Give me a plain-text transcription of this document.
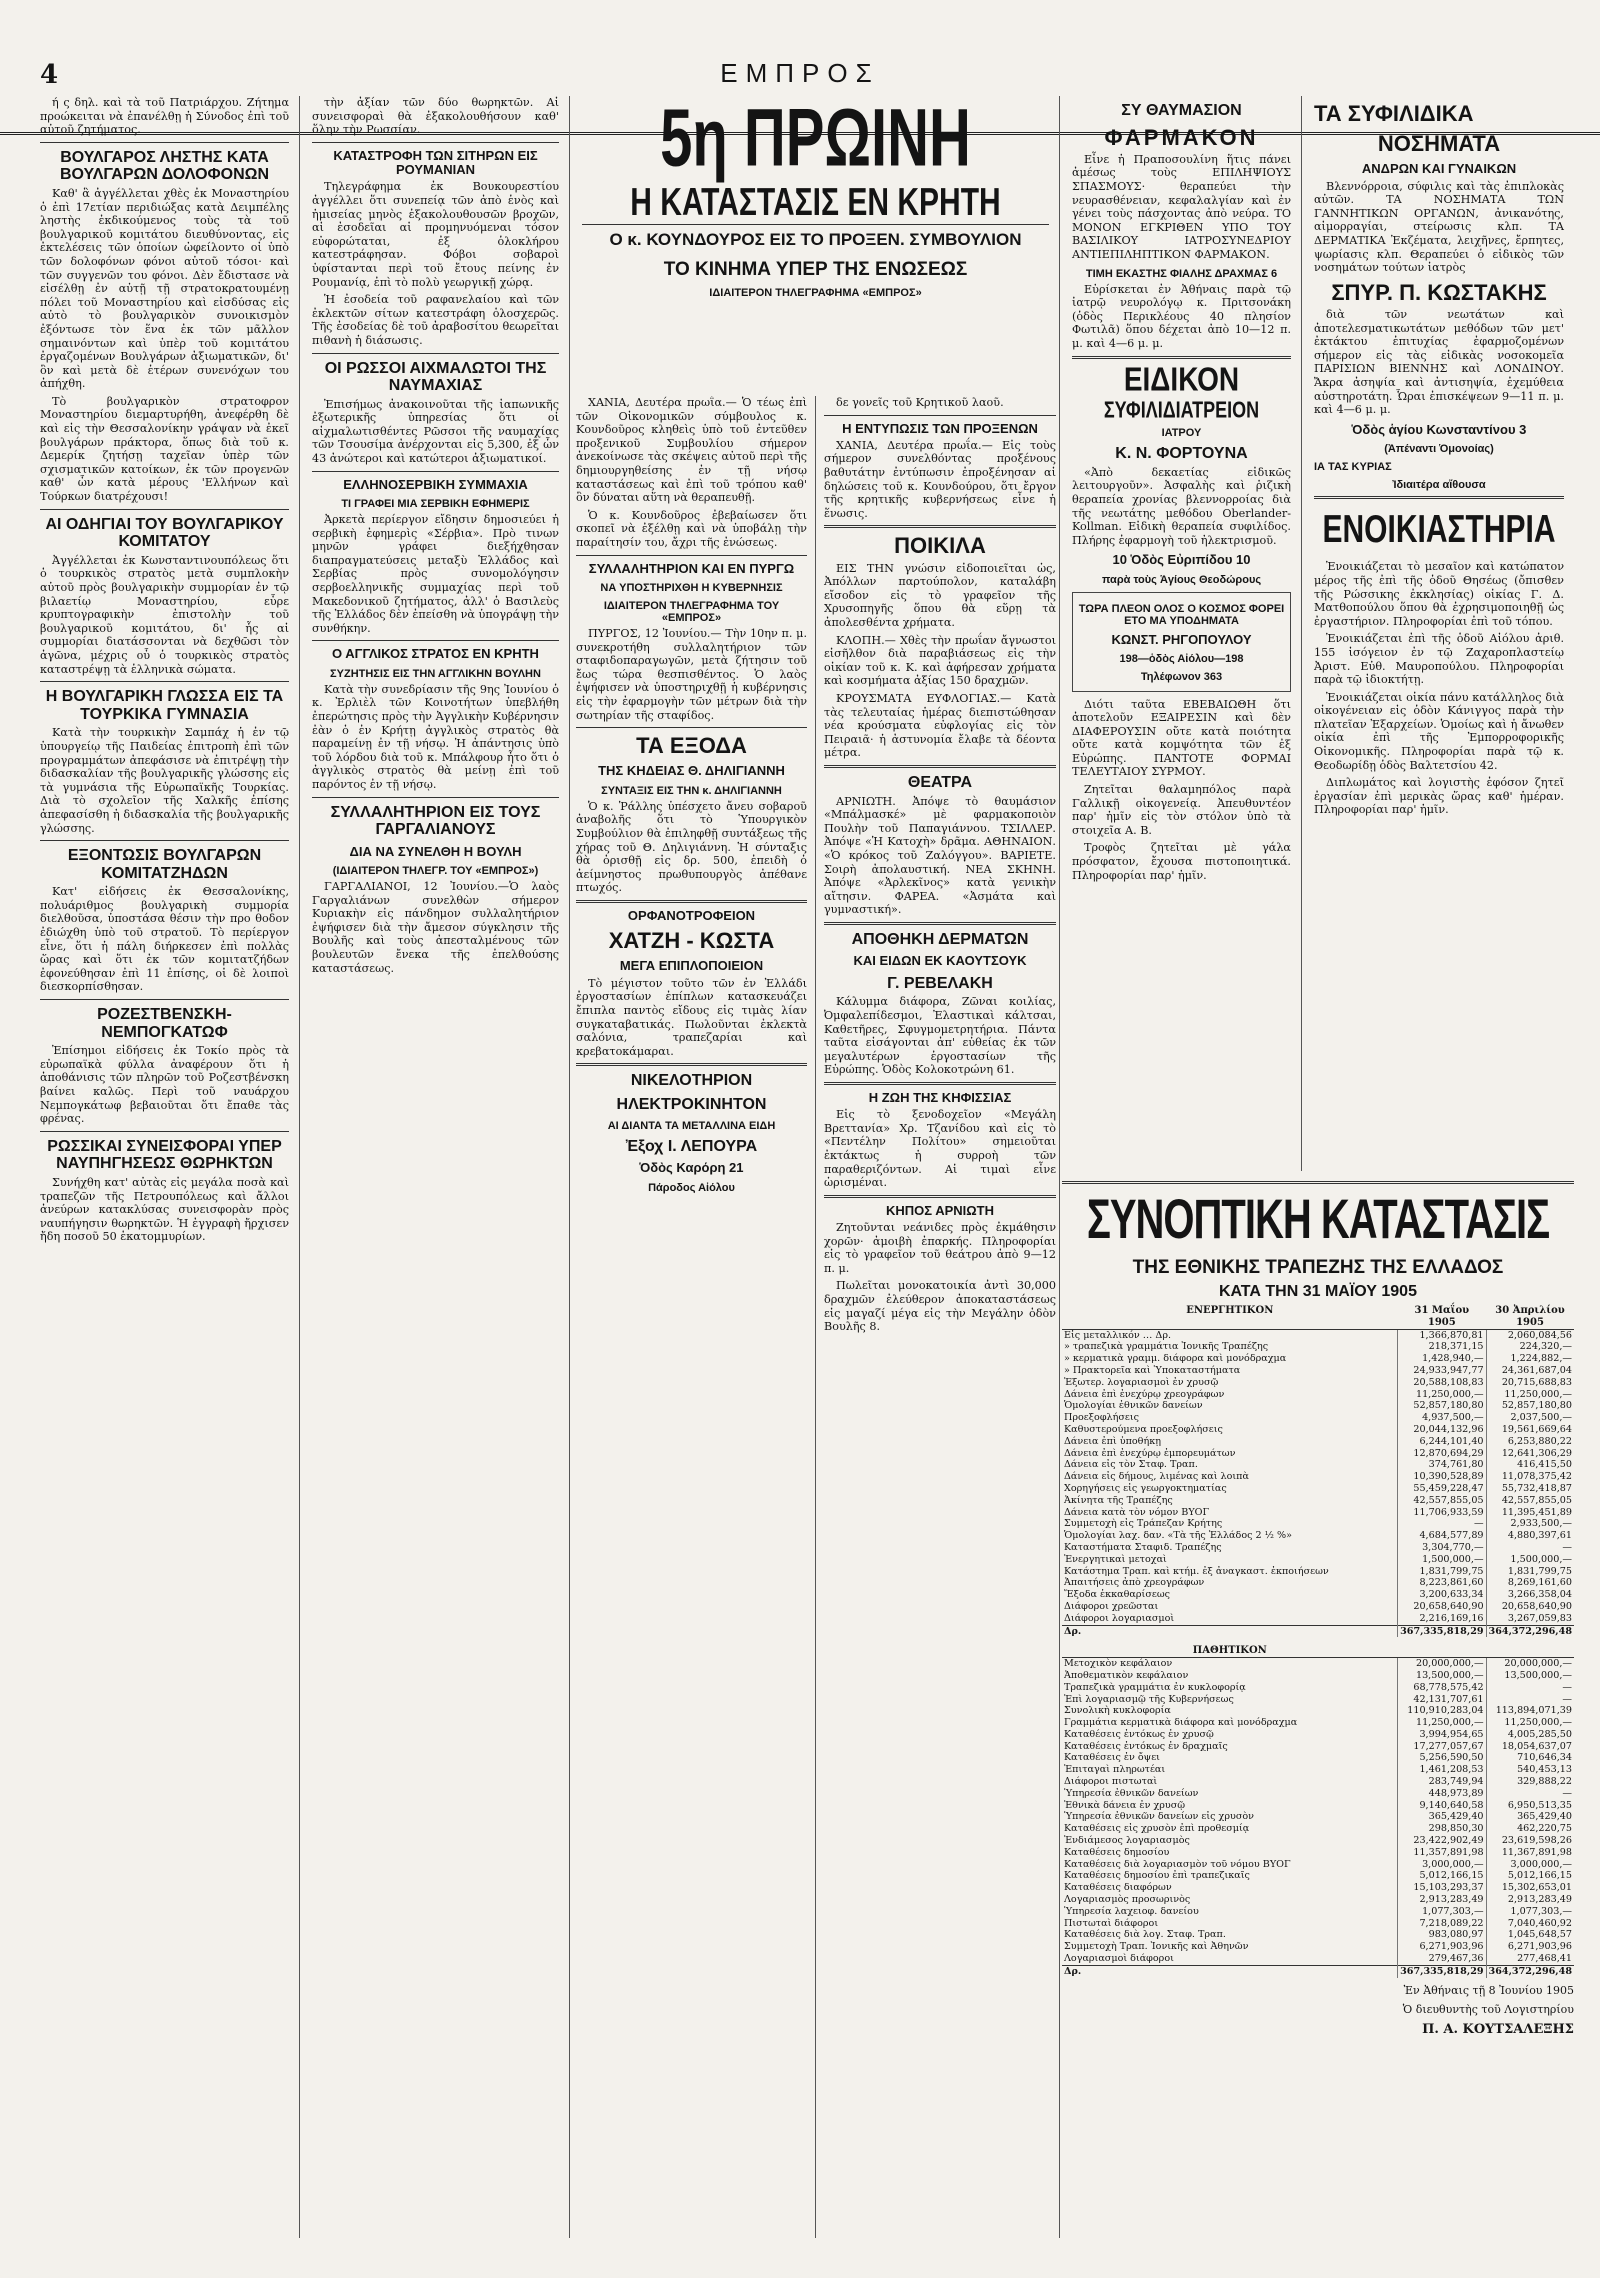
4	ΕΜΠΡΟΣ

ή ς δηλ. καὶ τὰ τοῦ Πατριάρχου. Ζήτημα προώκειται νὰ ἐπανέλθῃ ἡ Σύνοδος ἐπὶ τοῦ αὐτοῦ ζητήματος.

ΒΟΥΛΓΑΡΟΣ ΛΗΣΤΗΣ ΚΑΤΑ ΒΟΥΛΓΑΡΩΝ ΔΟΛΟΦΟΝΩΝ

Καθ' ἃ ἀγγέλλεται χθὲς ἐκ Μοναστηρίου ὁ ἐπὶ 17ετίαν περιδιώξας κατὰ Δειμπέλης ληστὴς ἐκδικούμενος τοὺς τὰ τοῦ βουλγαρικοῦ κομιτάτου διευθύνοντας, εἰς ἐκτελέσεις τῶν ὁποίων ὠφείλοντο οἱ ὑπὸ τῶν δολοφόνων φόνοι αὐτοῦ τόσοι· καὶ τῶν συγγενῶν του φόνοι. Δὲν ἔδιστασε νὰ εἰσέλθῃ ἐν αὐτῇ τῇ στρατοκρατουμένῃ πόλει τοῦ Μοναστηρίου καὶ εἰσδύσας εἰς αὐτὸ τὸ βουλγαρικὸν συνοικισμὸν ἐξόντωσε τὸν ἕνα ἐκ τῶν μᾶλλον σημαινόντων καὶ ὑπὲρ τοῦ κομιτάτου ἐργαζομένων Βουλγάρων ἀξιωματικῶν, δι' ὃν καὶ μετὰ δὲ ἑτέρων συνενόχων του ἀπήχθη.

Τὸ βουλγαρικὸν στρατοφρον Μοναστηρίου διεμαρτυρήθη, ἀνεφέρθη δὲ καὶ εἰς τὴν Θεσσαλονίκην γράψαν νὰ ἐκεῖ βουλγάρων πράκτορα, ὅπως διὰ τοῦ κ. Δεμερίκ ζητήσῃ ταχεῖαν ὑπὲρ τῶν σχισματικῶν κατοίκων, ἐκ τῶν προγενῶν καθ' ὧν κατὰ μέρους 'Ελλήνων καὶ Τούρκων διατρέχουσι!

ΑΙ ΟΔΗΓΙΑΙ ΤΟΥ ΒΟΥΛΓΑΡΙΚΟΥ ΚΟΜΙΤΑΤΟΥ

Ἀγγέλλεται ἐκ Κωνσταντινουπόλεως ὅτι ὁ τουρκικὸς στρατὸς μετὰ συμπλοκὴν αὐτοῦ πρὸς βουλγαρικὴν συμμορίαν ἐν τῷ βιλαετίῳ Μοναστηρίου, εὗρε κρυπτογραφικὴν ἐπιστολὴν τοῦ βουλγαρικοῦ κομιτάτου, δι' ἧς αἱ συμμορίαι διατάσσονται νὰ δεχθῶσι τὸν ἀγῶνα, μέχρις οὗ ὁ τουρκικὸς στρατὸς καταστρέψῃ τὰ ἑλληνικὰ σώματα.

Η ΒΟΥΛΓΑΡΙΚΗ ΓΛΩΣΣΑ ΕΙΣ ΤΑ ΤΟΥΡΚΙΚΑ ΓΥΜΝΑΣΙΑ

Κατὰ τὴν τουρκικὴν Σαμπάχ ἡ ἐν τῷ ὑπουργείῳ τῆς Παιδείας ἐπιτροπὴ ἐπὶ τῶν προγραμμάτων ἀπεφάσισε νὰ ἐπιτρέψῃ τὴν διδασκαλίαν τῆς βουλγαρικῆς γλώσσης εἰς τὰ γυμνάσια τῆς Εὐρωπαϊκῆς Τουρκίας. Διὰ τὸ σχολεῖον τῆς Χαλκῆς ἐπίσης ἀπεφασίσθη ἡ διδασκαλία τῆς βουλγαρικῆς γλώσσης.

ΕΞΟΝΤΩΣΙΣ ΒΟΥΛΓΑΡΩΝ ΚΟΜΙΤΑΤΖΗΔΩΝ

Κατ' εἰδήσεις ἐκ Θεσσαλονίκης, πολυάριθμος βουλγαρικὴ συμμορία διελθοῦσα, ὑποστάσα θέσιν τὴν προ θοδον ἐδιώχθη ὑπὸ τοῦ στρατοῦ. Τὸ περίεργον εἶνε, ὅτι ἡ πάλη διήρκεσεν ἐπὶ πολλὰς ὥρας καὶ ὅτι ἐκ τῶν κομιτατζήδων ἐφονεύθησαν ἐπὶ 11 ἐπίσης, οἱ δὲ λοιποὶ διεσκορπίσθησαν.

ΡΟΖΕΣΤΒΕΝΣΚΗ-ΝΕΜΠΟΓΚΑΤΩΦ

Ἐπίσημοι εἰδήσεις ἐκ Τοκίο πρὸς τὰ εὐρωπαϊκὰ φύλλα ἀναφέρουν ὅτι ἡ ἀποθάνισις τῶν πληρῶν τοῦ Ροζεστβένσκη βαίνει καλῶς. Περὶ τοῦ ναυάρχου Νεμπογκάτωφ βεβαιοῦται ὅτι ἔπαθε τὰς φρένας.

ΡΩΣΣΙΚΑΙ ΣΥΝΕΙΣΦΟΡΑΙ ΥΠΕΡ ΝΑΥΠΗΓΗΣΕΩΣ ΘΩΡΗΚΤΩΝ

Συνήχθη κατ' αὐτὰς εἰς μεγάλα ποσὰ καὶ τραπεζῶν τῆς Πετρουπόλεως καὶ ἄλλοι ἀνεύρων κατακλύσας συνεισφορὰν πρὸς ναυπήγησιν θωρηκτῶν. Ἡ ἐγγραφὴ ἤρχισεν ἤδη ποσοῦ 50 ἑκατομμυρίων.

τὴν ἀξίαν τῶν δύο θωρηκτῶν. Αἱ συνεισφοραὶ θὰ ἐξακολουθήσουν καθ' ὅλην τὴν Ρωσσίαν.

ΚΑΤΑΣΤΡΟΦΗ ΤΩΝ ΣΙΤΗΡΩΝ ΕΙΣ ΡΟΥΜΑΝΙΑΝ

Τηλεγράφημα ἐκ Βουκουρεστίου ἀγγέλλει ὅτι συνεπείᾳ τῶν ἀπὸ ἑνὸς καὶ ἡμισείας μηνὸς ἐξακολουθουσῶν βροχῶν, αἱ ἐσοδεῖαι αἱ προμηνυόμεναι τόσον εὐφορώταται, ἐξ ὁλοκλήρου κατεστράφησαν. Φόβοι σοβαροὶ ὑφίστανται περὶ τοῦ ἔτους πείνης ἐν Ρουμανίᾳ, ἐπὶ τὸ πολὺ γεωργικῇ χώρᾳ.

Ἡ ἐσοδεία τοῦ ραφανελαίου καὶ τῶν ἐκλεκτῶν σίτων κατεστράφη ὁλοσχερῶς. Τῆς ἐσοδείας δὲ τοῦ ἀραβοσίτου θεωρεῖται πιθανὴ ἡ διάσωσις.

ΟΙ ΡΩΣΣΟΙ ΑΙΧΜΑΛΩΤΟΙ ΤΗΣ ΝΑΥΜΑΧΙΑΣ

Ἐπισήμως ἀνακοινοῦται τῆς ἰαπωνικῆς ἐξωτερικῆς ὑπηρεσίας ὅτι οἱ αἰχμαλωτισθέντες Ρῶσσοι τῆς ναυμαχίας τῶν Τσουσίμα ἀνέρχονται εἰς 5,300, ἐξ ὧν 43 ἀνώτεροι καὶ κατώτεροι ἀξιωματικοί.

ΕΛΛΗΝΟΣΕΡΒΙΚΗ ΣΥΜΜΑΧΙΑ
ΤΙ ΓΡΑΦΕΙ ΜΙΑ ΣΕΡΒΙΚΗ ΕΦΗΜΕΡΙΣ

Ἀρκετὰ περίεργον εἴδησιν δημοσιεύει ἡ σερβικὴ ἐφημερὶς «Σέρβια». Πρὸ τινων μηνῶν γράφει διεξήχθησαν διαπραγματεύσεις μεταξὺ Ἑλλάδος καὶ Σερβίας πρὸς συνομολόγησιν σερβοελληνικῆς συμμαχίας περὶ τοῦ Μακεδονικοῦ ζητήματος, ἀλλ' ὁ Βασιλεὺς τῆς Ἑλλάδος δὲν ἐπείσθη νὰ ὑπογράψῃ τὴν συνθήκην.

Ο ΑΓΓΛΙΚΟΣ ΣΤΡΑΤΟΣ ΕΝ ΚΡΗΤΗ
ΣΥΖΗΤΗΣΙΣ ΕΙΣ ΤΗΝ ΑΓΓΛΙΚΗΝ ΒΟΥΛΗΝ

Κατὰ τὴν συνεδρίασιν τῆς 9ης Ἰουνίου ὁ κ. Ἐρλιὲλ τῶν Κοινοτήτων ὑπεβλήθη ἐπερώτησις πρὸς τὴν Ἀγγλικὴν Κυβέρνησιν ἐὰν ὁ ἐν Κρήτῃ ἀγγλικὸς στρατὸς θὰ παραμείνῃ ἐν τῇ νήσῳ. Ἡ ἀπάντησις ὑπὸ τοῦ λόρδου διὰ τοῦ κ. Μπάλφουρ ἦτο ὅτι ὁ ἀγγλικὸς στρατὸς θὰ μείνῃ ἐπὶ τοῦ παρόντος ἐν τῇ νήσῳ.

ΣΥΛΛΑΛΗΤΗΡΙΟΝ ΕΙΣ ΤΟΥΣ ΓΑΡΓΑΛΙΑΝΟΥΣ
ΔΙΑ ΝΑ ΣΥΝΕΛΘΗ Η ΒΟΥΛΗ
(ΙΔΙΑΙΤΕΡΟΝ ΤΗΛΕΓΡ. ΤΟΥ «ΕΜΠΡΟΣ»)

ΓΑΡΓΑΛΙΑΝΟΙ, 12 Ἰουνίου.—Ὁ λαὸς Γαργαλιάνων συνελθὼν σήμερον Κυριακὴν εἰς πάνδημον συλλαλητήριον ἐψήφισεν διὰ τὴν ἄμεσον σύγκλησιν τῆς Βουλῆς καὶ τοὺς ἀπεσταλμένους τῶν βουλευτῶν ἔνεκα τῆς ἐπελθούσης καταστάσεως.

5η ΠΡΩΙΝΗ
Η ΚΑΤΑΣΤΑΣΙΣ ΕΝ ΚΡΗΤΗ
Ο κ. ΚΟΥΝΔΟΥΡΟΣ ΕΙΣ ΤΟ ΠΡΟΞΕΝ. ΣΥΜΒΟΥΛΙΟΝ
ΤΟ ΚΙΝΗΜΑ ΥΠΕΡ ΤΗΣ ΕΝΩΣΕΩΣ
ΙΔΙΑΙΤΕΡΟΝ ΤΗΛΕΓΡΑΦΗΜΑ «ΕΜΠΡΟΣ»

ΧΑΝΙΑ, Δευτέρα πρωΐα.— Ὁ τέως ἐπὶ τῶν Οἰκονομικῶν σύμβουλος κ. Κουνδοῦρος κληθεὶς ὑπὸ τοῦ ἐντεῦθεν προξενικοῦ Συμβουλίου σήμερον ἀνεκοίνωσε τὰς σκέψεις αὐτοῦ περὶ τῆς δημιουργηθείσης ἐν τῇ νήσῳ καταστάσεως καὶ ἐπὶ τοῦ τρόπου καθ' ὃν δύναται αὕτη νὰ θεραπευθῇ.

Ὁ κ. Κουνδοῦρος ἐβεβαίωσεν ὅτι σκοπεῖ νὰ ἐξέλθῃ καὶ νὰ ὑποβάλῃ τὴν παραίτησίν του, ἄχρι τῆς ἐνώσεως.

ΣΥΛΛΑΛΗΤΗΡΙΟΝ ΚΑΙ ΕΝ ΠΥΡΓΩ
ΝΑ ΥΠΟΣΤΗΡΙΧΘΗ Η ΚΥΒΕΡΝΗΣΙΣ
ΙΔΙΑΙΤΕΡΟΝ ΤΗΛΕΓΡΑΦΗΜΑ ΤΟΥ «ΕΜΠΡΟΣ»

ΠΥΡΓΟΣ, 12 Ἰουνίου.— Τὴν 10ην π. μ. συνεκροτήθη συλλαλητήριον τῶν σταφιδοπαραγωγῶν, μετὰ ζήτησιν τοῦ ἔως τώρα θεσπισθέντος. Ὁ λαὸς ἐψήφισεν νὰ ὑποστηριχθῇ ἡ κυβέρνησις εἰς τὴν ἐφαρμογὴν τῶν μέτρων διὰ τὴν σωτηρίαν τῆς σταφίδος.

ΤΑ ΕΞΟΔΑ
ΤΗΣ ΚΗΔΕΙΑΣ Θ. ΔΗΛΙΓΙΑΝΝΗ
ΣΥΝΤΑΞΙΣ ΕΙΣ ΤΗΝ κ. ΔΗΛΙΓΙΑΝΝΗ

Ὁ κ. Ῥάλλης ὑπέσχετο ἄνευ σοβαροῦ ἀναβολῆς ὅτι τὸ Ὑπουργικὸν Συμβούλιον θὰ ἐπιληφθῇ συντάξεως τῆς χήρας τοῦ Θ. Δηλιγιάννη. Ἡ σύνταξις θὰ ὁρισθῇ εἰς δρ. 500, ἐπειδὴ ὁ ἀείμνηστος πρωθυπουργὸς ἀπέθανε πτωχός.

ΟΡΦΑΝΟΤΡΟΦΕΙΟΝ
ΧΑΤΖΗ - ΚΩΣΤΑ
ΜΕΓΑ ΕΠΙΠΛΟΠΟΙΕΙΟΝ

Τὸ μέγιστον τοῦτο τῶν ἐν Ἑλλάδι ἐργοστασίων ἐπίπλων κατασκευάζει ἔπιπλα παντὸς εἴδους εἰς τιμὰς λίαν συγκαταβατικάς. Πωλοῦνται ἐκλεκτὰ σαλόνια, τραπεζαρίαι καὶ κρεβατοκάμαραι.

ΝΙΚΕΛΟΤΗΡΙΟΝ
ΗΛΕΚΤΡΟΚΙΝΗΤΟΝ
ΑΙ ΔΙΑΝΤΑ ΤΑ ΜΕΤΑΛΛΙΝΑ ΕΙΔΗ
Ἐξοχ Ι. ΛΕΠΟΥΡΑ
Ὁδὸς Καρόρη 21
Πάροδος Αἰόλου

δε γονεῖς τοῦ Κρητικοῦ λαοῦ.

Η ΕΝΤΥΠΩΣΙΣ ΤΩΝ ΠΡΟΞΕΝΩΝ

ΧΑΝΙΑ, Δευτέρα πρωΐα.— Εἰς τοὺς σήμερον συνελθόντας προξένους βαθυτάτην ἐντύπωσιν ἐπροξένησαν αἱ δηλώσεις τοῦ κ. Κουνδούρου, ὅτι ἔργον τῆς κρητικῆς κυβερνήσεως εἶνε ἡ ἕνωσις.

ΠΟΙΚΙΛΑ

ΕΙΣ ΤΗΝ γνώσιν εἰδοποιεῖται ὡς, Ἀπόλλων παρτούπολον, καταλάβη εἴσοδον εἰς τὸ γραφεῖον τῆς Χρυσοπηγῆς ὅπου θὰ εὕρῃ τὰ ἀπολεσθέντα χρήματα.

ΚΛΟΠΗ.— Χθὲς τὴν πρωΐαν ἄγνωστοι εἰσῆλθον διὰ παραβιάσεως εἰς τὴν οἰκίαν τοῦ κ. Κ. καὶ ἀφήρεσαν χρήματα καὶ κοσμήματα ἀξίας 150 δραχμῶν.

ΚΡΟΥΣΜΑΤΑ ΕΥΦΛΟΓΙΑΣ.— Κατὰ τὰς τελευταίας ἡμέρας διεπιστώθησαν νέα κρούσματα εὐφλογίας εἰς τὸν Πειραιᾶ· ἡ ἀστυνομία ἔλαβε τὰ δέοντα μέτρα.

ΘΕΑΤΡΑ

ΑΡΝΙΩΤΗ. Ἀπόψε τὸ θαυμάσιον «Μπάλμασκέ» μὲ φαρμακοποιὸν Πουλὴν τοῦ Παπαγιάννου. ΤΣΙΛΛΕΡ. Ἀπόψε «Ἡ Κατοχὴ» δρᾶμα. ΑΘΗΝΑΙΟΝ. «Ὁ κρόκος τοῦ Ζαλόγγου». ΒΑΡΙΕΤΕ. Σοιρὴ ἀπολαυστική. ΝΕΑ ΣΚΗΝΗ. Ἀπόψε «Ἀρλεκῖνος» κατὰ γενικὴν αἴτησιν. ΦΑΡΕΑ. «Ἀσμάτα καὶ γυμναστική».

ΑΠΟΘΗΚΗ ΔΕΡΜΑΤΩΝ
ΚΑΙ ΕΙΔΩΝ ΕΚ ΚΑΟΥΤΣΟΥΚ
Γ. ΡΕΒΕΛΑΚΗ

Κάλυμμα διάφορα, Ζῶναι κοιλίας, Ὀμφαλεπίδεσμοι, Ἐλαστικαὶ κάλτσαι, Καθετῆρες, Σφυγμομετρητήρια. Πάντα ταῦτα εἰσάγονται ἀπ' εὐθείας ἐκ τῶν μεγαλυτέρων ἐργοστασίων τῆς Εὐρώπης. Ὁδὸς Κολοκοτρώνη 61.

Η ΖΩΗ ΤΗΣ ΚΗΦΙΣΣΙΑΣ

Εἰς τὸ ξενοδοχεῖον «Μεγάλη Βρεττανία» Χρ. Τζανίδου καὶ εἰς τὸ «Πεντέλην Πολίτου» σημειοῦται ἐκτάκτως ἡ συρροὴ τῶν παραθεριζόντων. Αἱ τιμαὶ εἶνε ὡρισμέναι.

ΚΗΠΟΣ ΑΡΝΙΩΤΗ

Ζητοῦνται νεάνιδες πρὸς ἐκμάθησιν χορῶν· ἀμοιβὴ ἐπαρκής. Πληροφορίαι εἰς τὸ γραφεῖον τοῦ θεάτρου ἀπὸ 9—12 π. μ.

Πωλεῖται μονοκατοικία ἀντὶ 30,000 δραχμῶν ἐλεύθερον ἀποκαταστάσεως εἰς μαγαζί μέγα εἰς τὴν Μεγάλην ὁδὸν Βουλῆς 8.

ΣΥ ΘΑΥΜΑΣΙΟΝ
ΦΑΡΜΑΚΟΝ

Εἶνε ἡ Πραποσουλίνη ἥτις πάνει ἀμέσως τοὺς ΕΠΙΛΗΨΙΟΥΣ ΣΠΑΣΜΟΥΣ· θεραπεύει τὴν νευρασθένειαν, κεφαλαλγίαν καὶ ἐν γένει τοὺς πάσχοντας ἀπὸ νεύρα. ΤΟ ΜΟΝΟΝ ΕΓΚΡΙΘΕΝ ΥΠΟ ΤΟΥ ΒΑΣΙΛΙΚΟΥ ΙΑΤΡΟΣΥΝΕΔΡΙΟΥ ΑΝΤΙΕΠΙΛΗΠΤΙΚΟΝ ΦΑΡΜΑΚΟΝ.

ΤΙΜΗ ΕΚΑΣΤΗΣ ΦΙΑΛΗΣ ΔΡΑΧΜΑΣ 6

Εὑρίσκεται ἐν Ἀθήναις παρὰ τῷ ἰατρῷ νευρολόγῳ κ. Πριτσονάκη (ὁδὸς Περικλέους 40 πλησίον Φωτιλᾶ) ὅπου δέχεται ἀπὸ 10—12 π. μ. καὶ 4—6 μ. μ.

ΕΙΔΙΚΟΝ
ΣΥΦΙΛΙΔΙΑΤΡΕΙΟΝ
ΙΑΤΡΟΥ
Κ. Ν. ΦΟΡΤΟΥΝΑ

«Ἀπὸ δεκαετίας εἰδικῶς λειτουργοῦν». Ἀσφαλὴς καὶ ῥιζικὴ θεραπεία χρονίας βλεννορροίας διὰ τῆς νεωτάτης μεθόδου Oberlander-Kollman. Εἰδικὴ θεραπεία συφιλίδος. Πλήρης ἐφαρμογὴ τοῦ ἠλεκτρισμοῦ.

10 Ὁδὸς Εὐριπίδου 10
παρὰ τοὺς Ἁγίους Θεοδώρους
ΤΩΡΑ ΠΛΕΟΝ ΟΛΟΣ Ο ΚΟΣΜΟΣ ΦΟΡΕΙ ΕΤΟ ΜΑ ΥΠΟΔΗΜΑΤΑ
ΚΩΝΣΤ. ΡΗΓΟΠΟΥΛΟΥ
198—ὁδὸς Αἰόλου—198
Τηλέφωνον 363

Διότι ταῦτα ΕΒΕΒΑΙΩΘΗ ὅτι ἀποτελοῦν ΕΞΑΙΡΕΣΙΝ καὶ δὲν ΔΙΑΦΕΡΟΥΣΙΝ οὔτε κατὰ ποιότητα οὔτε κατὰ κομψότητα τῶν ἐξ Εὐρώπης. ΠΑΝΤΟΤΕ ΦΟΡΜΑΙ ΤΕΛΕΥΤΑΙΟΥ ΣΥΡΜΟΥ.

Ζητεῖται θαλαμηπόλος παρὰ Γαλλικῇ οἰκογενείᾳ. Ἀπευθυντέον παρ' ἡμῖν εἰς τὸν στόλον ὑπὸ τὰ στοιχεῖα Α. Β.

Τροφὸς ζητεῖται μὲ γάλα πρόσφατον, ἔχουσα πιστοποιητικά. Πληροφορίαι παρ' ἡμῖν.

ΤΑ ΣΥΦΙΛΙΔΙΚΑ
ΝΟΣΗΜΑΤΑ
ΑΝΔΡΩΝ ΚΑΙ ΓΥΝΑΙΚΩΝ

Βλεννόρροια, σύφιλις καὶ τὰς ἐπιπλοκὰς αὐτῶν. ΤΑ ΝΟΣΗΜΑΤΑ ΤΩΝ ΓΑΝΝΗΤΙΚΩΝ ΟΡΓΑΝΩΝ, ἀνικανότης, αἱμορραγίαι, στείρωσις κλπ. ΤΑ ΔΕΡΜΑΤΙΚΑ Ἐκζέματα, λειχῆνες, ἔρπητες, ψωρίασις κλπ. Θεραπεύει ὁ εἰδικὸς τῶν νοσημάτων τούτων ἰατρὸς

ΣΠΥΡ. Π. ΚΩΣΤΑΚΗΣ

διὰ τῶν νεωτάτων καὶ ἀποτελεσματικωτάτων μεθόδων τῶν μετ' ἐκτάκτου ἐπιτυχίας ἐφαρμοζομένων σήμερον εἰς τὰς εἰδικὰς νοσοκομεῖα ΠΑΡΙΣΙΩΝ ΒΙΕΝΝΗΣ καὶ ΛΟΝΔΙΝΟΥ. Ἄκρα ἀσηψία καὶ ἀντισηψία, ἐχεμύθεια αὐστηροτάτη. Ὧραι ἐπισκέψεων 9—11 π. μ. καὶ 4—6 μ. μ.

Ὁδὸς ἁγίου Κωνσταντίνου 3
(Ἀπέναντι Ὁμονοίας)
ΙΑ ΤΑΣ ΚΥΡΙΑΣ
Ἰδιαιτέρα αἴθουσα
ΕΝΟΙΚΙΑΣΤΗΡΙΑ

Ἐνοικιάζεται τὸ μεσαῖον καὶ κατώπατον μέρος τῆς ἐπὶ τῆς ὁδοῦ Θησέως (ὄπισθεν τῆς Ρώσσικης ἐκκλησίας) οἰκίας Γ. Δ. Ματθοπούλου ὅπου θὰ ἐχρησιμοποιηθῇ ὡς ἐργαστήριον. Πληροφορίαι ἐπὶ τοῦ τόπου.

Ἐνοικιάζεται ἐπὶ τῆς ὁδοῦ Αἰόλου ἀριθ. 155 ἰσόγειον ἐν τῷ Ζαχαροπλαστείῳ Ἀριστ. Εὐθ. Μαυροπούλου. Πληροφορίαι παρὰ τῷ ἰδιοκτήτῃ.

Ἐνοικιάζεται οἰκία πάνυ κατάλληλος διὰ οἰκογένειαν εἰς ὁδὸν Κάνιγγος παρὰ τὴν πλατεῖαν Ἐξαρχείων. Ὁμοίως καὶ ἡ ἄνωθεν οἰκία ἐπὶ τῆς Ἐμπορροφορικῆς Οἰκονομικῆς. Πληροφορίαι παρὰ τῷ κ. Θεοδωρίδῃ ὁδὸς Βαλτετσίου 42.

Διπλωμάτος καὶ λογιστὴς ἐφόσον ζητεῖ ἐργασίαν ἐπὶ μερικὰς ὥρας καθ' ἡμέραν. Πληροφορίαι παρ' ἡμῖν.

ΣΥΝΟΠΤΙΚΗ ΚΑΤΑΣΤΑΣΙΣ
ΤΗΣ ΕΘΝΙΚΗΣ ΤΡΑΠΕΖΗΣ ΤΗΣ ΕΛΛΑΔΟΣ
ΚΑΤΑ ΤΗΝ 31 ΜΑΪΟΥ 1905
ΕΝΕΡΓΗΤΙΚΟΝ	31 Μαΐου 1905	30 Ἀπριλίου 1905
Εἰς μεταλλικόν … Δρ.	1,366,870,81	2,060,084,56
» τραπεζικὰ γραμμάτια Ἰονικῆς Τραπέζης	218,371,15	224,320,—
» κερματικὰ γραμμ. διάφορα καὶ μονόδραχμα	1,428,940,—	1,224,882,—
» Πρακτορεῖα καὶ Ὑποκαταστήματα	24,933,947,77	24,361,687,04
Ἐξωτερ. λογαριασμοὶ ἐν χρυσῷ	20,588,108,83	20,715,688,83
Δάνεια ἐπὶ ἐνεχύρῳ χρεογράφων	11,250,000,—	11,250,000,—
Ὁμολογίαι ἐθνικῶν δανείων	52,857,180,80	52,857,180,80
Προεξοφλήσεις	4,937,500,—	2,037,500,—
Καθυστερούμενα προεξοφλήσεις	20,044,132,96	19,561,669,64
Δάνεια ἐπὶ ὑποθήκῃ	6,244,101,40	6,253,880,22
Δάνεια ἐπὶ ἐνεχύρῳ ἐμπορευμάτων	12,870,694,29	12,641,306,29
Δάνεια εἰς τὸν Σταφ. Τραπ.	374,761,80	416,415,50
Δάνεια εἰς δήμους, λιμένας καὶ λοιπὰ	10,390,528,89	11,078,375,42
Χορηγήσεις εἰς γεωργοκτηματίας	55,459,228,47	55,732,418,87
Ἀκίνητα τῆς Τραπέζης	42,557,855,05	42,557,855,05
Δάνεια κατὰ τὸν νόμον ΒΥΟΓ	11,706,933,59	11,395,451,89
Συμμετοχὴ εἰς Τράπεζαν Κρήτης	—	2,933,500,—
Ὁμολογίαι λαχ. δαν. «Τὰ τῆς Ἑλλάδος 2 ½ %»	4,684,577,89	4,880,397,61
Καταστήματα Σταφιδ. Τραπέζης	3,304,770,—	—
Ἐνεργητικαὶ μετοχαὶ	1,500,000,—	1,500,000,—
Κατάστημα Τραπ. καὶ κτήμ. ἐξ ἀναγκαστ. ἐκποιήσεων	1,831,799,75	1,831,799,75
Ἀπαιτήσεις ἀπὸ χρεογράφων	8,223,861,60	8,269,161,60
Ἔξοδα ἐκκαθαρίσεως	3,200,633,34	3,266,358,04
Διάφοροι χρεῶσται	20,658,640,90	20,658,640,90
Διάφοροι λογαριασμοὶ	2,216,169,16	3,267,059,83
Δρ.	367,335,818,29	364,372,296,48
ΠΑΘΗΤΙΚΟΝ		
Μετοχικὸν κεφάλαιον	20,000,000,—	20,000,000,—
Ἀποθεματικὸν κεφάλαιον	13,500,000,—	13,500,000,—
Τραπεζικὰ γραμμάτια ἐν κυκλοφορίᾳ	68,778,575,42	—
Ἐπὶ λογαριασμῷ τῆς Κυβερνήσεως	42,131,707,61	—
Συνολικὴ κυκλοφορία	110,910,283,04	113,894,071,39
Γραμμάτια κερματικὰ διάφορα καὶ μονόδραχμα	11,250,000,—	11,250,000,—
Καταθέσεις ἐντόκως ἐν χρυσῷ	3,994,954,65	4,005,285,50
Καταθέσεις ἐντόκως ἐν δραχμαῖς	17,277,057,67	18,054,637,07
Καταθέσεις ἐν ὄψει	5,256,590,50	710,646,34
Ἐπιταγαὶ πληρωτέαι	1,461,208,53	540,453,13
Διάφοροι πιστωταὶ	283,749,94	329,888,22
Ὑπηρεσία ἐθνικῶν δανείων	448,973,89	—
Ἐθνικὰ δάνεια ἐν χρυσῷ	9,140,640,58	6,950,513,35
Ὑπηρεσία ἐθνικῶν δανείων εἰς χρυσὸν	365,429,40	365,429,40
Καταθέσεις εἰς χρυσὸν ἐπὶ προθεσμίᾳ	298,850,30	462,220,75
Ἐνδιάμεσος λογαριασμὸς	23,422,902,49	23,619,598,26
Καταθέσεις δημοσίου	11,357,891,98	11,367,891,98
Καταθέσεις διὰ λογαριασμὸν τοῦ νόμου ΒΥΟΓ	3,000,000,—	3,000,000,—
Καταθέσεις δημοσίου ἐπὶ τραπεζικαῖς	5,012,166,15	5,012,166,15
Καταθέσεις διαφόρων	15,103,293,37	15,302,653,01
Λογαριασμὸς προσωρινὸς	2,913,283,49	2,913,283,49
Ὑπηρεσία λαχειοφ. δανείου	1,077,303,—	1,077,303,—
Πιστωταὶ διάφοροι	7,218,089,22	7,040,460,92
Καταθέσεις διὰ λογ. Σταφ. Τραπ.	983,080,97	1,045,648,57
Συμμετοχὴ Τραπ. Ἰονικῆς καὶ Ἀθηνῶν	6,271,903,96	6,271,903,96
Λογαριασμοὶ διάφοροι	279,467,36	277,468,41
Δρ.	367,335,818,29	364,372,296,48
Ἐν Ἀθήναις τῇ 8 Ἰουνίου 1905
Ὁ διευθυντὴς τοῦ Λογιστηρίου
Π. Α. ΚΟΥΤΣΑΛΕΞΗΣ
